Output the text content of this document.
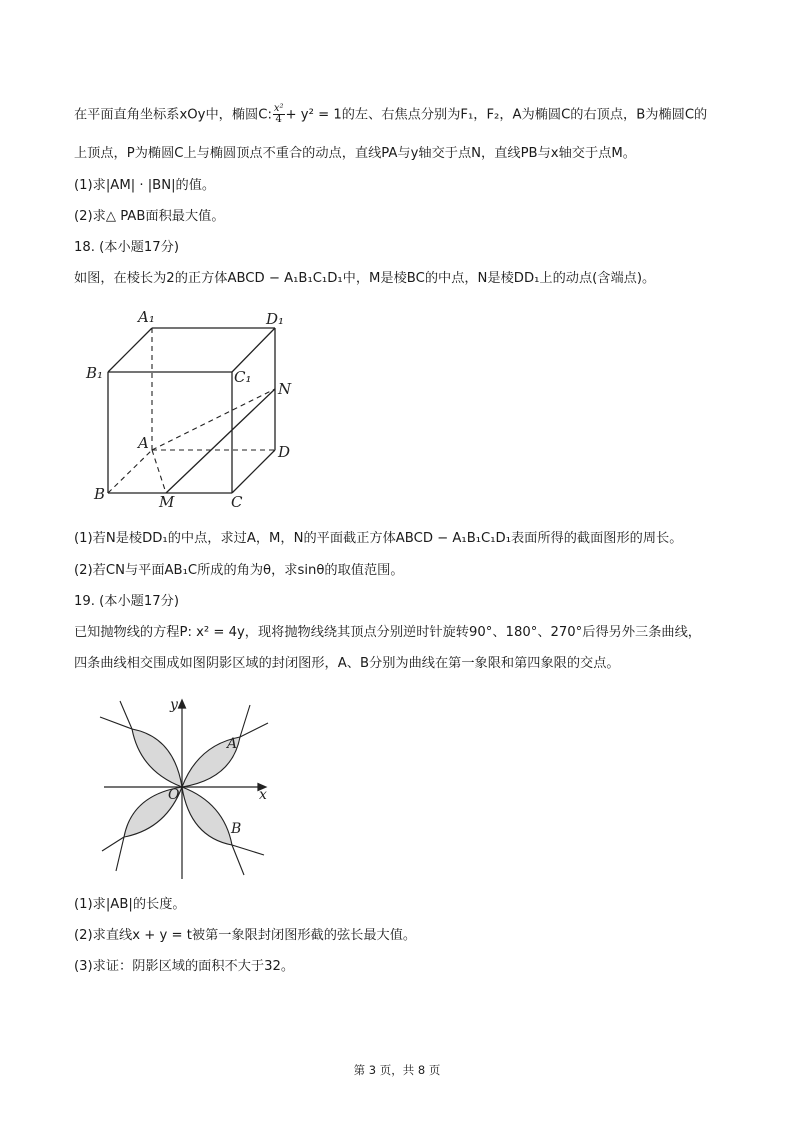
在平面直角坐标系xOy中，椭圆C: $\frac{\text{x²}}{4} + y^2 = 1$的左、右焦点分别为F₁，F₂，A为椭圆C的右顶点，B为椭圆C的
上顶点，P为椭圆C上与椭圆顶点不重合的动点，直线PA与y轴交于点N，直线PB与x轴交于点M。
(1)求|AM| · |BN|的值。
(2)求△ PAB面积最大值。
18. (本小题17分)
如图，在棱长为2的正方体ABCD − A₁B₁C₁D₁中，M是棱BC的中点，N是棱DD₁上的动点(含端点)。
A₁	D₁
B₁	C₁
N
A	D
B	M	C
(1)若N是棱DD₁的中点，求过A，M，N的平面截正方体ABCD − A₁B₁C₁D₁表面所得的截面图形的周长。
(2)若CN与平面AB₁C所成的角为θ，求sinθ的取值范围。
19. (本小题17分)
已知抛物线的方程P: x² = 4y，现将抛物线绕其顶点分别逆时针旋转90°、180°、270°后得另外三条曲线，
四条曲线相交围成如图阴影区域的封闭图形，A、B分别为曲线在第一象限和第四象限的交点。
y
x
O
A
B
(1)求|AB|的长度。
(2)求直线x + y = t被第一象限封闭图形截的弦长最大值。
(3)求证：阴影区域的面积不大于32。
第 3 页，共 8 页
